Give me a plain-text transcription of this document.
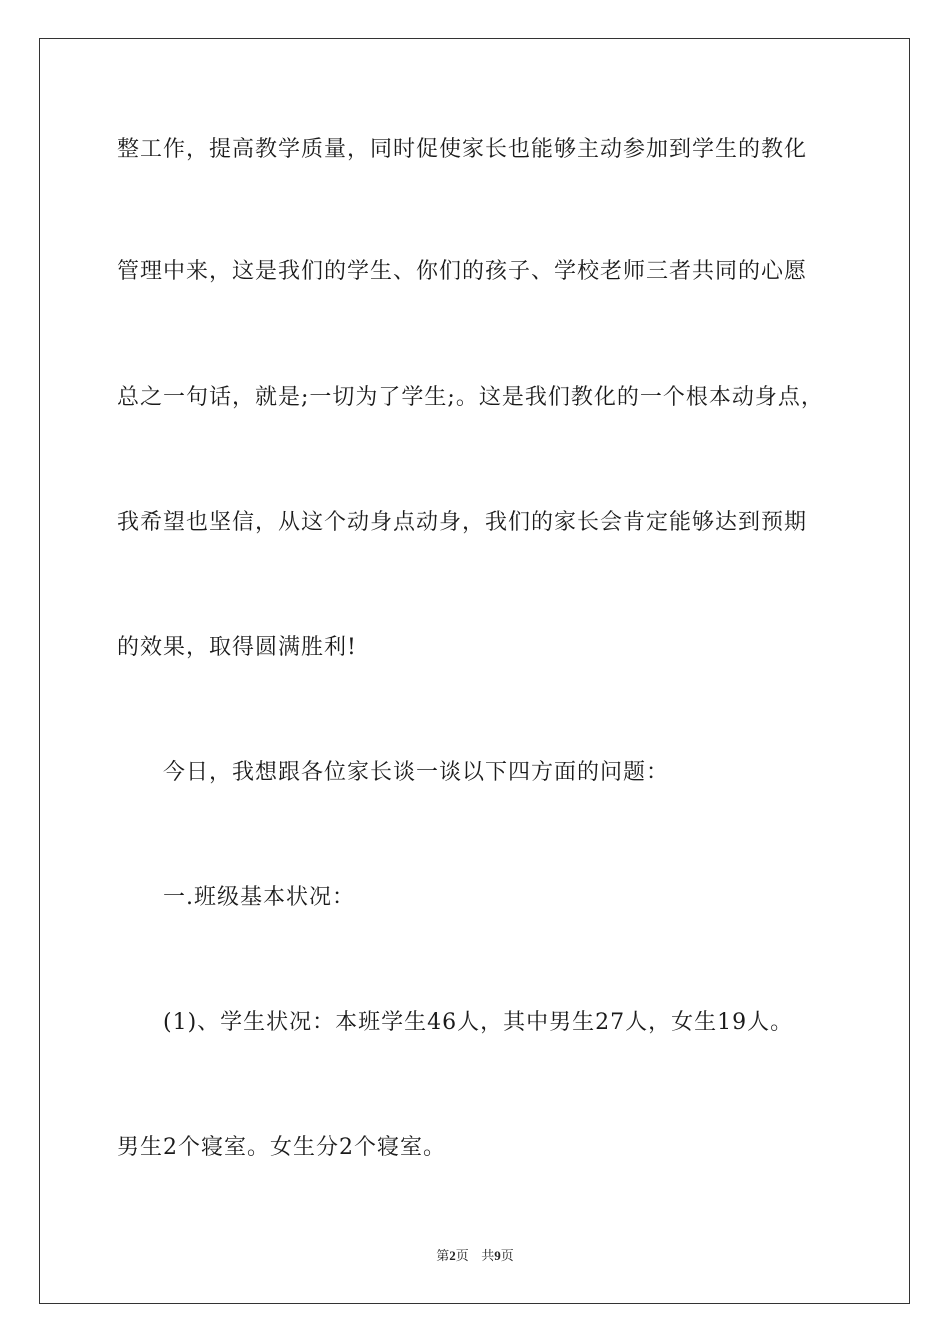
整工作，提高教学质量，同时促使家长也能够主动参加到学生的教化
管理中来，这是我们的学生、你们的孩子、学校老师三者共同的心愿
总之一句话，就是;一切为了学生;。这是我们教化的一个根本动身点，
我希望也坚信，从这个动身点动身，我们的家长会肯定能够达到预期
的效果，取得圆满胜利!
今日，我想跟各位家长谈一谈以下四方面的问题：
一.班级基本状况：
(1)、学生状况：本班学生46人，其中男生27人，女生19人。
男生2个寝室。女生分2个寝室。
第2页 共9页
